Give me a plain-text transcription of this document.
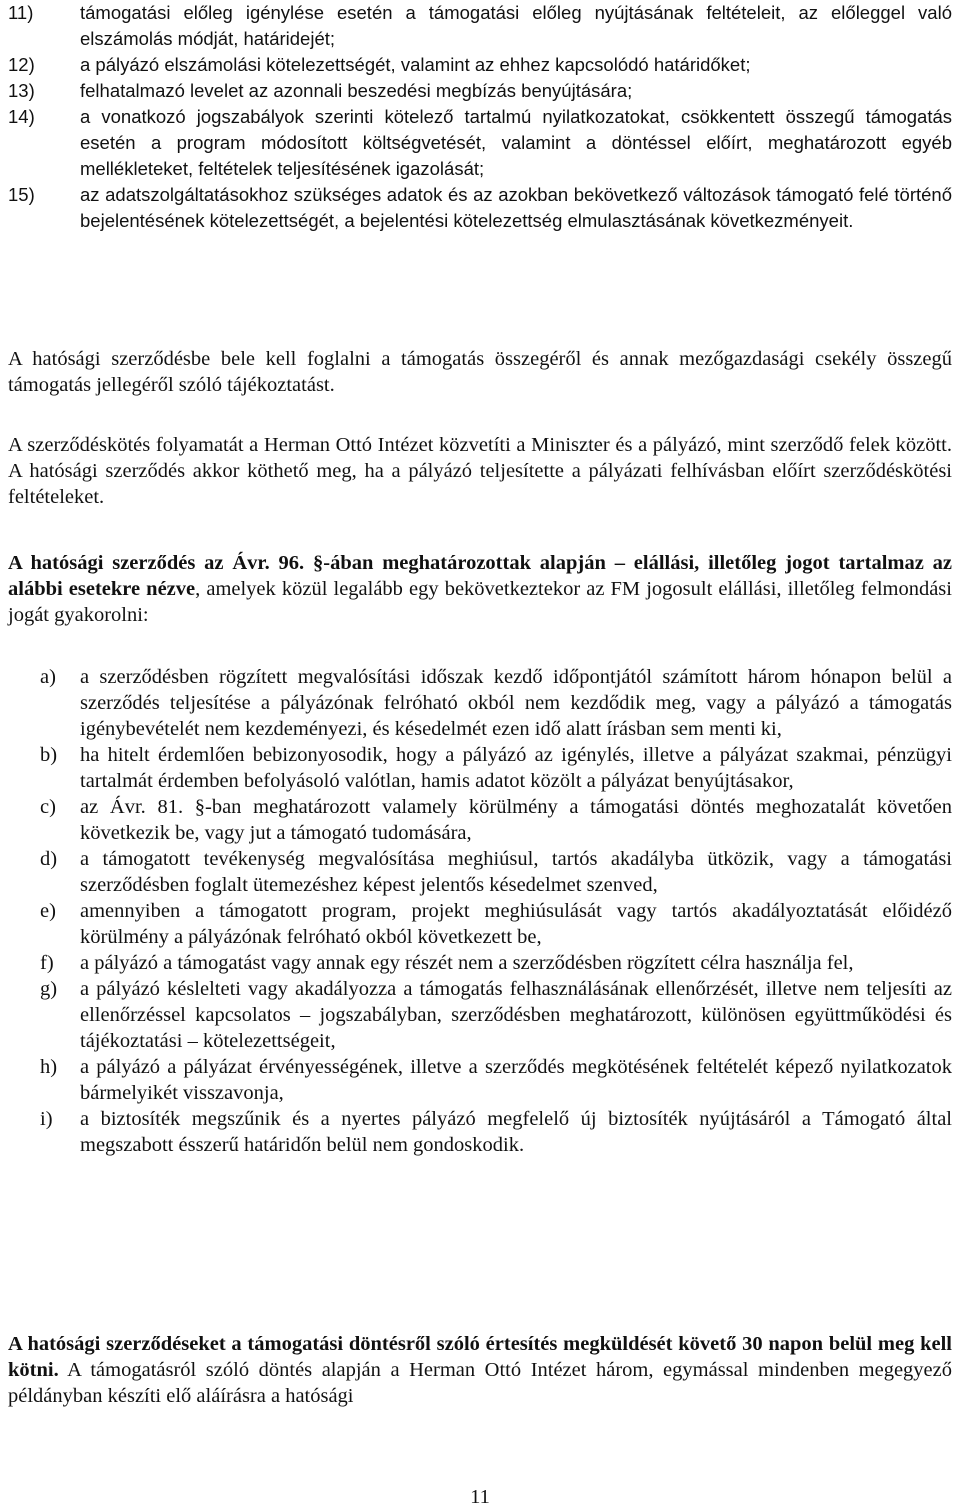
11)	támogatási előleg igénylése esetén a támogatási előleg nyújtásának feltételeit, az előleggel való elszámolás módját, határidejét;
12) a pályázó elszámolási kötelezettségét, valamint az ehhez kapcsolódó határidőket;
13) felhatalmazó levelet az azonnali beszedési megbízás benyújtására;
14) a vonatkozó jogszabályok szerinti kötelező tartalmú nyilatkozatokat, csökkentett összegű támogatás esetén a program módosított költségvetését, valamint a döntéssel előírt, meghatározott egyéb mellékleteket, feltételek teljesítésének igazolását;
15) az adatszolgáltatásokhoz szükséges adatok és az azokban bekövetkező változások támogató felé történő bejelentésének kötelezettségét, a bejelentési kötelezettség elmulasztásának következményeit.

A hatósági szerződésbe bele kell foglalni a támogatás összegéről és annak mezőgazdasági csekély összegű támogatás jellegéről szóló tájékoztatást.

A szerződéskötés folyamatát a Herman Ottó Intézet közvetíti a Miniszter és a pályázó, mint szerződő felek között. A hatósági szerződés akkor köthető meg, ha a pályázó teljesítette a pályázati felhívásban előírt szerződéskötési feltételeket.

A hatósági szerződés az Ávr. 96. §-ában meghatározottak alapján – elállási, illetőleg jogot tartalmaz az alábbi esetekre nézve, amelyek közül legalább egy bekövetkeztekor az FM jogosult elállási, illetőleg felmondási jogát gyakorolni:

a) a szerződésben rögzített megvalósítási időszak kezdő időpontjától számított három hónapon belül a szerződés teljesítése a pályázónak felróható okból nem kezdődik meg, vagy a pályázó a támogatás igénybevételét nem kezdeményezi, és késedelmét ezen idő alatt írásban sem menti ki,
b) ha hitelt érdemlően bebizonyosodik, hogy a pályázó az igénylés, illetve a pályázat szakmai, pénzügyi tartalmát érdemben befolyásoló valótlan, hamis adatot közölt a pályázat benyújtásakor,
c) az Ávr. 81. §-ban meghatározott valamely körülmény a támogatási döntés meghozatalát követően következik be, vagy jut a támogató tudomására,
d) a támogatott tevékenység megvalósítása meghiúsul, tartós akadályba ütközik, vagy a támogatási szerződésben foglalt ütemezéshez képest jelentős késedelmet szenved,
e) amennyiben a támogatott program, projekt meghiúsulását vagy tartós akadályoztatását előidéző körülmény a pályázónak felróható okból következett be,
f) a pályázó a támogatást vagy annak egy részét nem a szerződésben rögzített célra használja fel,
g) a pályázó késlelteti vagy akadályozza a támogatás felhasználásának ellenőrzését, illetve nem teljesíti az ellenőrzéssel kapcsolatos – jogszabályban, szerződésben meghatározott, különösen együttműködési és tájékoztatási – kötelezettségeit,
h) a pályázó a pályázat érvényességének, illetve a szerződés megkötésének feltételét képező nyilatkozatok bármelyikét visszavonja,
i) a biztosíték megszűnik és a nyertes pályázó megfelelő új biztosíték nyújtásáról a Támogató által megszabott ésszerű határidőn belül nem gondoskodik.

A hatósági szerződéseket a támogatási döntésről szóló értesítés megküldését követő 30 napon belül meg kell kötni. A támogatásról szóló döntés alapján a Herman Ottó Intézet három, egymással mindenben megegyező példányban készíti elő aláírásra a hatósági

11
